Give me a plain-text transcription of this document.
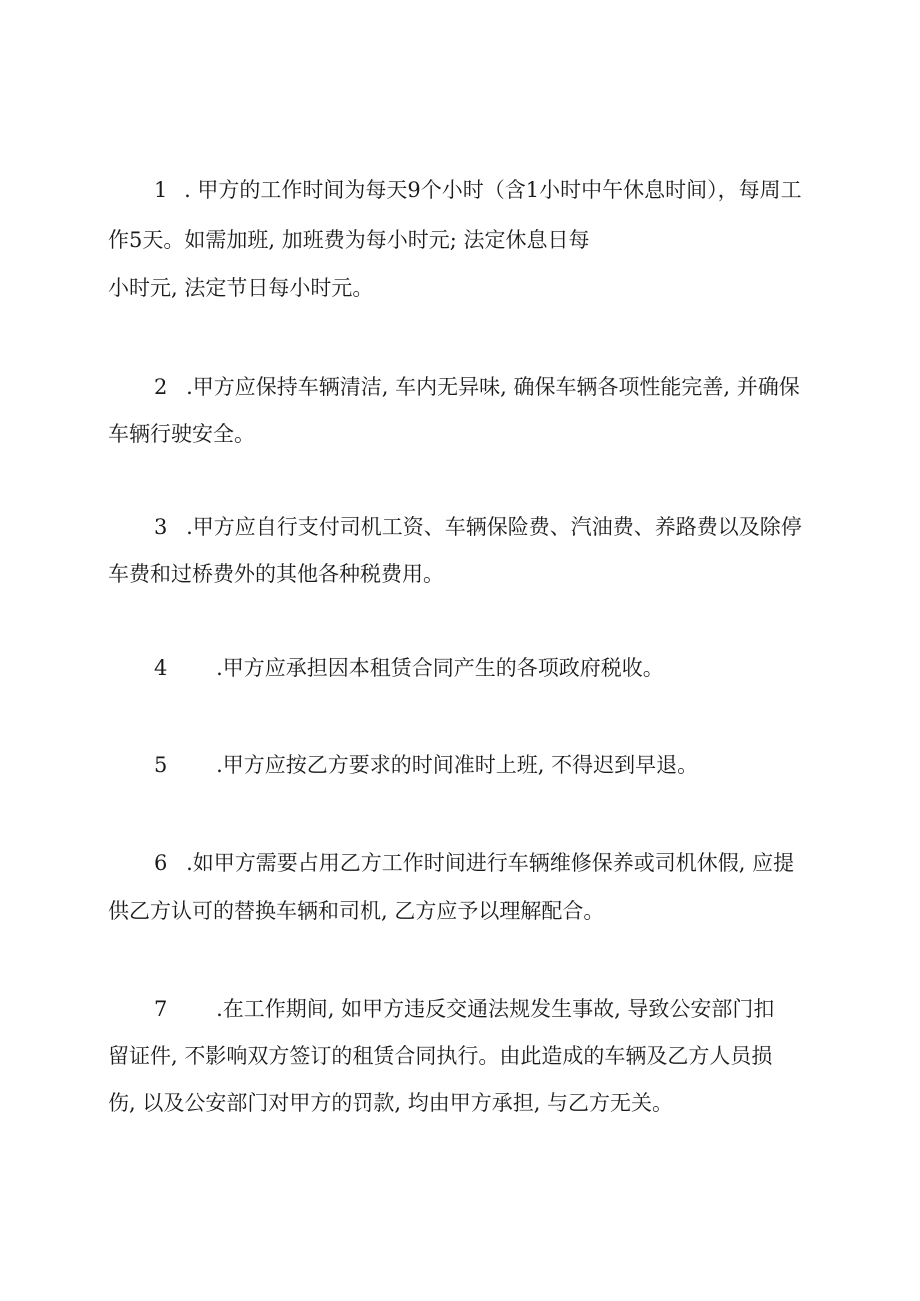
1 . 甲方的工作时间为每天9个小时（含1小时中午休息时间），每周工
作5天。如需加班, 加班费为每小时元; 法定休息日每
小时元, 法定节日每小时元。
2 .甲方应保持车辆清洁, 车内无异味, 确保车辆各项性能完善, 并确保
车辆行驶安全。
3 .甲方应自行支付司机工资、车辆保险费、汽油费、养路费以及除停
车费和过桥费外的其他各种税费用。
4 .甲方应承担因本租赁合同产生的各项政府税收。
5 .甲方应按乙方要求的时间准时上班, 不得迟到早退。
6 .如甲方需要占用乙方工作时间进行车辆维修保养或司机休假, 应提
供乙方认可的替换车辆和司机, 乙方应予以理解配合。
7 .在工作期间, 如甲方违反交通法规发生事故, 导致公安部门扣
留证件, 不影响双方签订的租赁合同执行。由此造成的车辆及乙方人员损
伤, 以及公安部门对甲方的罚款, 均由甲方承担, 与乙方无关。
